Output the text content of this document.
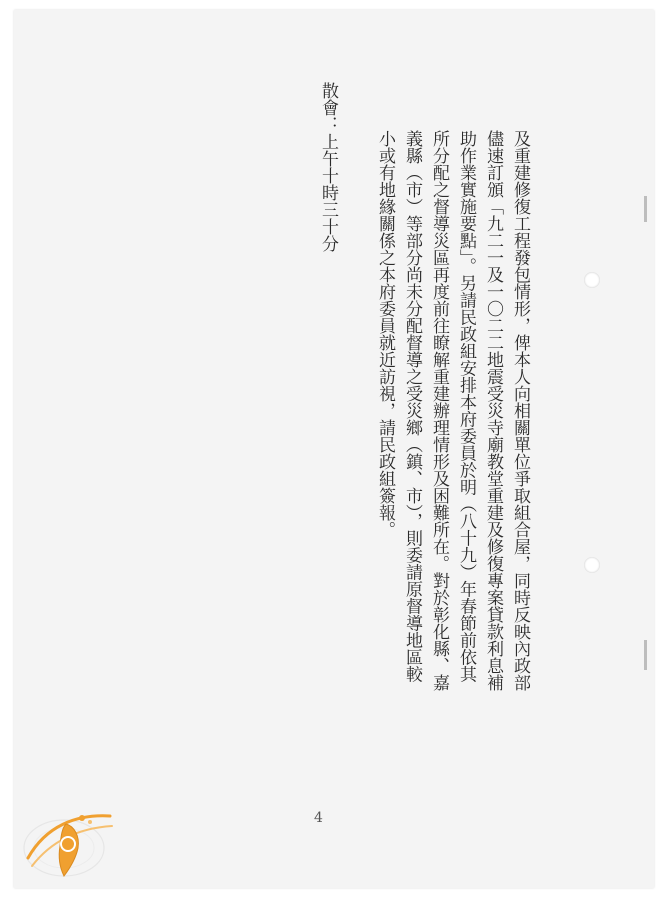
散會：上午十時三十分 小或有地緣關係之本府委員就近訪視，請民政組簽報。 義縣（市）等部分尚未分配督導之受災鄉（鎮、市），則委請原督導地區較 所分配之督導災區再度前往瞭解重建辦理情形及困難所在。對於彰化縣、嘉 助作業實施要點」。另請民政組安排本府委員於明（八十九）年春節前依其 儘速訂頒「九二一及一〇二二地震受災寺廟教堂重建及修復專案貸款利息補 及重建修復工程發包情形，俾本人向相關單位爭取組合屋，同時反映內政部
4
